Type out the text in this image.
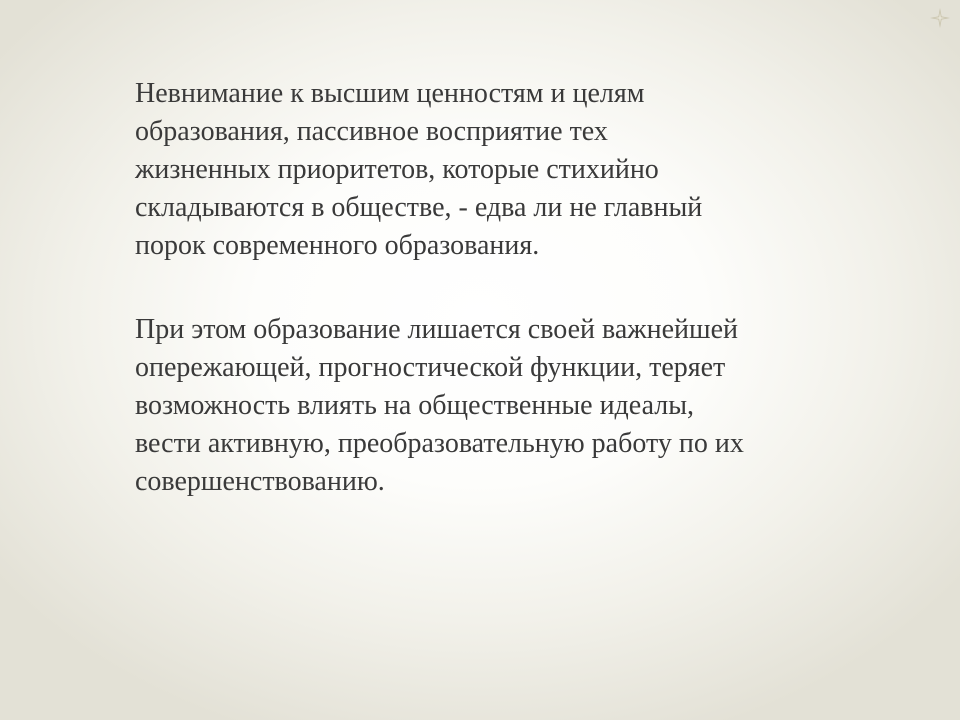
Невнимание к высшим ценностям и целям
образования, пассивное восприятие тех
жизненных приоритетов, которые стихийно
складываются в обществе, - едва ли не главный
порок современного образования.

При этом образование лишается своей важнейшей
опережающей, прогностической функции, теряет
возможность влиять на общественные идеалы,
вести активную, преобразовательную работу по их
совершенствованию.
